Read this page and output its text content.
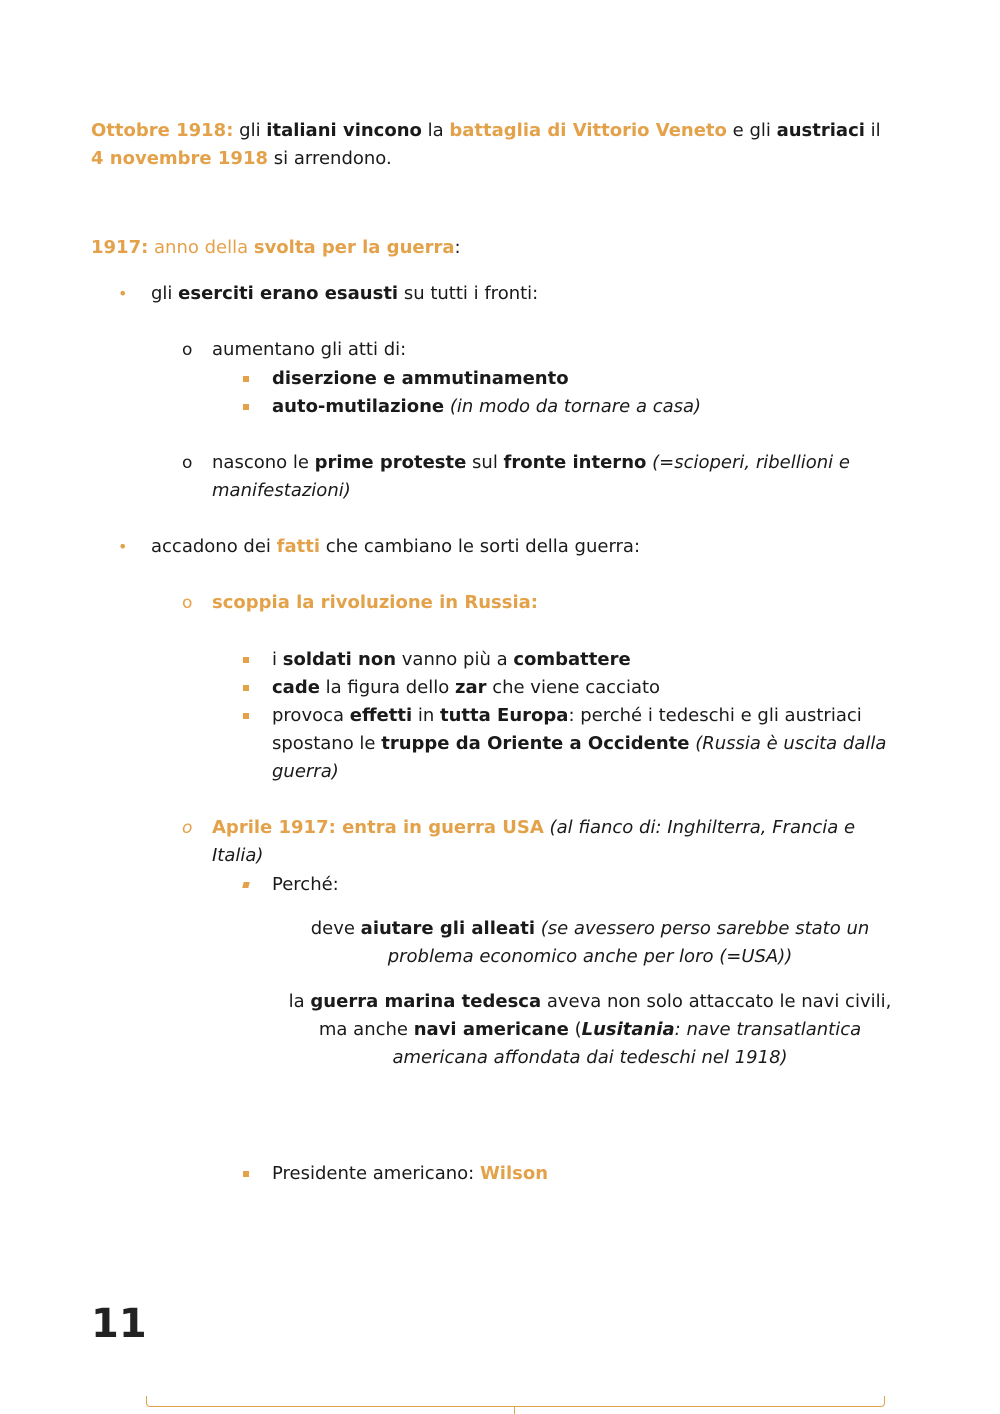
Ottobre 1918: gli italiani vincono la battaglia di Vittorio Veneto e gli austriaci il
4 novembre 1918 si arrendono.
1917: anno della svolta per la guerra:
• gli eserciti erano esausti su tutti i fronti:
o aumentano gli atti di:
diserzione e ammutinamento
auto-mutilazione (in modo da tornare a casa)
o nascono le prime proteste sul fronte interno (=scioperi, ribellioni e
manifestazioni)
• accadono dei fatti che cambiano le sorti della guerra:
o scoppia la rivoluzione in Russia:
i soldati non vanno più a combattere
cade la figura dello zar che viene cacciato
provoca effetti in tutta Europa: perché i tedeschi e gli austriaci
spostano le truppe da Oriente a Occidente (Russia è uscita dalla
guerra)
o Aprile 1917: entra in guerra USA (al fianco di: Inghilterra, Francia e
Italia)
Perché:
deve aiutare gli alleati (se avessero perso sarebbe stato un
problema economico anche per loro (=USA))
la guerra marina tedesca aveva non solo attaccato le navi civili,
ma anche navi americane (Lusitania: nave transatlantica
americana affondata dai tedeschi nel 1918)
Presidente americano: Wilson
11
